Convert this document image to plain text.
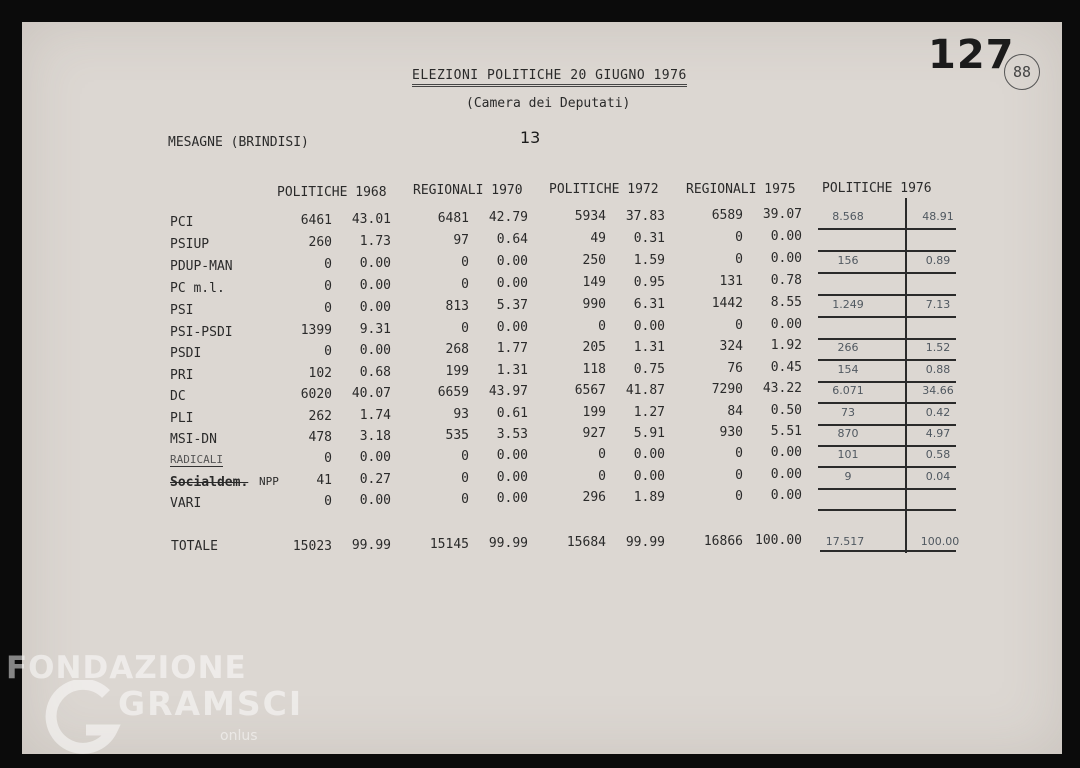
ELEZIONI POLITICHE 20 GIUGNO 1976
(Camera dei Deputati)
MESAGNE (BRINDISI)	13
127
88
POLITICHE 1968 REGIONALI 1970 POLITICHE 1972 REGIONALI 1975 POLITICHE 1976
PCI	6461	43.01	6481	42.79	5934	37.83	6589	39.07	8.568	48.91
PSIUP	260	1.73	97	0.64	49	0.31	0	0.00
PDUP-MAN	0	0.00	0	0.00	250	1.59	0	0.00	156	0.89
PC m.l.	0	0.00	0	0.00	149	0.95	131	0.78
PSI	0	0.00	813	5.37	990	6.31	1442	8.55	1.249	7.13
PSI-PSDI	1399	9.31	0	0.00	0	0.00	0	0.00
PSDI	0	0.00	268	1.77	205	1.31	324	1.92	266	1.52
PRI	102	0.68	199	1.31	118	0.75	76	0.45	154	0.88
DC	6020	40.07	6659	43.97	6567	41.87	7290	43.22	6.071	34.66
PLI	262	1.74	93	0.61	199	1.27	84	0.50	73	0.42
MSI-DN	478	3.18	535	3.53	927	5.91	930	5.51	870	4.97
RADICALI	0	0.00	0	0.00	0	0.00	0	0.00	101	0.58
Socialdem. NPP	41	0.27	0	0.00	0	0.00	0	0.00	9	0.04
VARI	0	0.00	0	0.00	296	1.89	0	0.00
TOTALE	15023	99.99	15145	99.99	15684	99.99	16866 100.00	17.517	100.00
FONDAZIONE
GRAMSCI
onlus
